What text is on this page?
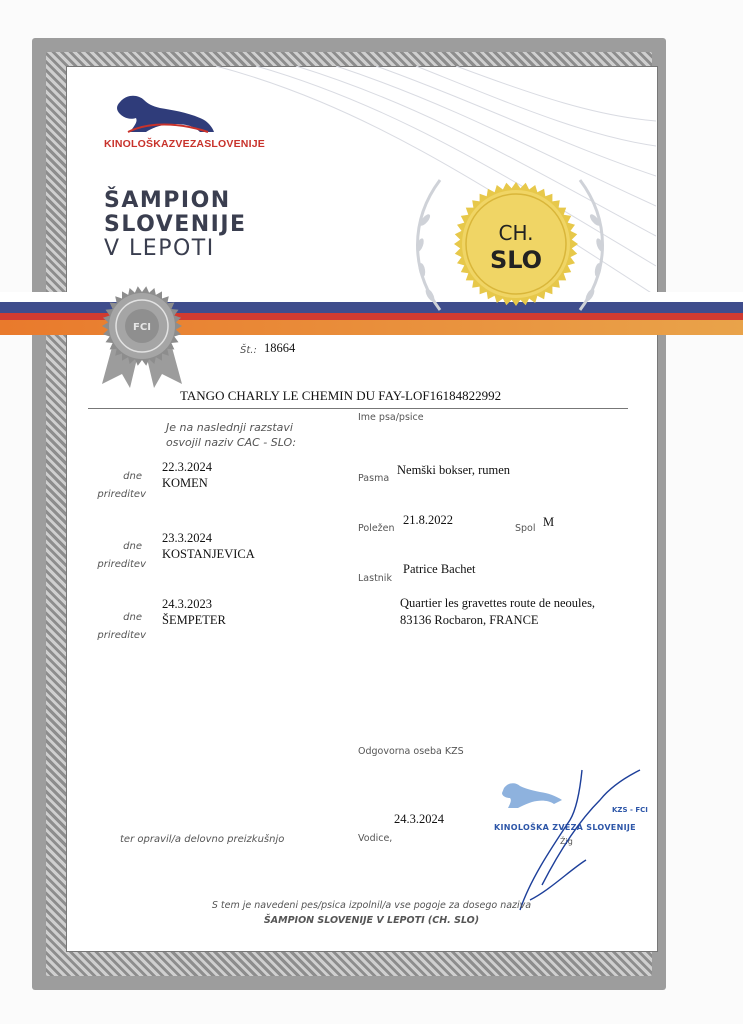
KINOLOŠKAZVEZASLOVENIJE
ŠAMPION
SLOVENIJE
V LEPOTI
CH.
SLO
FCI
Št.: 18664
TANGO CHARLY LE CHEMIN DU FAY-LOF16184822992
Ime psa/psice
Je na naslednji razstavi
osvojil naziv CAC - SLO:
dne
22.3.2024
prireditev
KOMEN
dne
23.3.2024
prireditev
KOSTANJEVICA
dne
24.3.2023
prireditev
ŠEMPETER
Pasma
Nemški bokser, rumen
Poležen
21.8.2022
Spol M
Lastnik
Patrice Bachet
Quartier les gravettes route de neoules,
83136 Rocbaron, FRANCE
Odgovorna oseba KZS
Vodice,
24.3.2024
ter opravil/a delovno preizkušnjo
KZS - FCI
KINOLOŠKA ZVEZA SLOVENIJE
Žig
S tem je navedeni pes/psica izpolnil/a vse pogoje za dosego naziva
ŠAMPION SLOVENIJE V LEPOTI (CH. SLO)
